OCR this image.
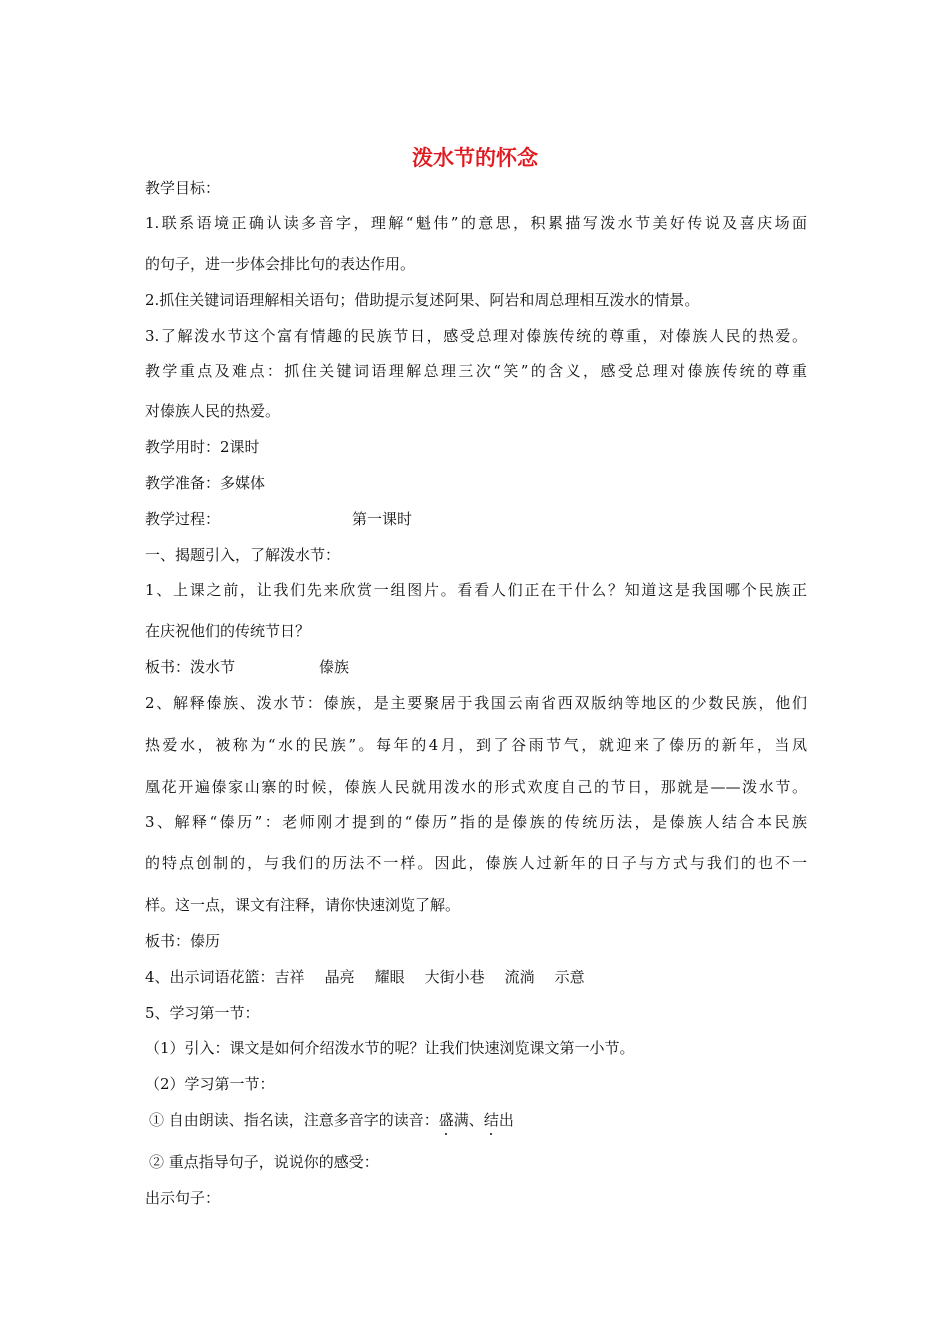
泼水节的怀念
教学目标：
1.联系语境正确认读多音字，理解“魁伟”的意思，积累描写泼水节美好传说及喜庆场面
的句子，进一步体会排比句的表达作用。
2.抓住关键词语理解相关语句；借助提示复述阿果、阿岩和周总理相互泼水的情景。
3.了解泼水节这个富有情趣的民族节日，感受总理对傣族传统的尊重，对傣族人民的热爱。
教学重点及难点：抓住关键词语理解总理三次“笑”的含义，感受总理对傣族传统的尊重
对傣族人民的热爱。
教学用时：2课时
教学准备：多媒体
教学过程：	第一课时
一、揭题引入，了解泼水节：
1、上课之前，让我们先来欣赏一组图片。看看人们正在干什么？知道这是我国哪个民族正
在庆祝他们的传统节日？
板书：泼水节	傣族
2、解释傣族、泼水节：傣族，是主要聚居于我国云南省西双版纳等地区的少数民族，他们
热爱水，被称为“水的民族”。每年的4月，到了谷雨节气，就迎来了傣历的新年，当凤
凰花开遍傣家山寨的时候，傣族人民就用泼水的形式欢度自己的节日，那就是——泼水节。
3、解释“傣历”：老师刚才提到的“傣历”指的是傣族的传统历法，是傣族人结合本民族
的特点创制的，与我们的历法不一样。因此，傣族人过新年的日子与方式与我们的也不一
样。这一点，课文有注释，请你快速浏览了解。
板书：傣历
4、出示词语花篮：吉祥 晶亮 耀眼 大街小巷 流淌 示意
5、学习第一节：
（1）引入：课文是如何介绍泼水节的呢？让我们快速浏览课文第一小节。
（2）学习第一节：
① 自由朗读、指名读，注意多音字的读音：盛满、结出
② 重点指导句子，说说你的感受：
出示句子：
